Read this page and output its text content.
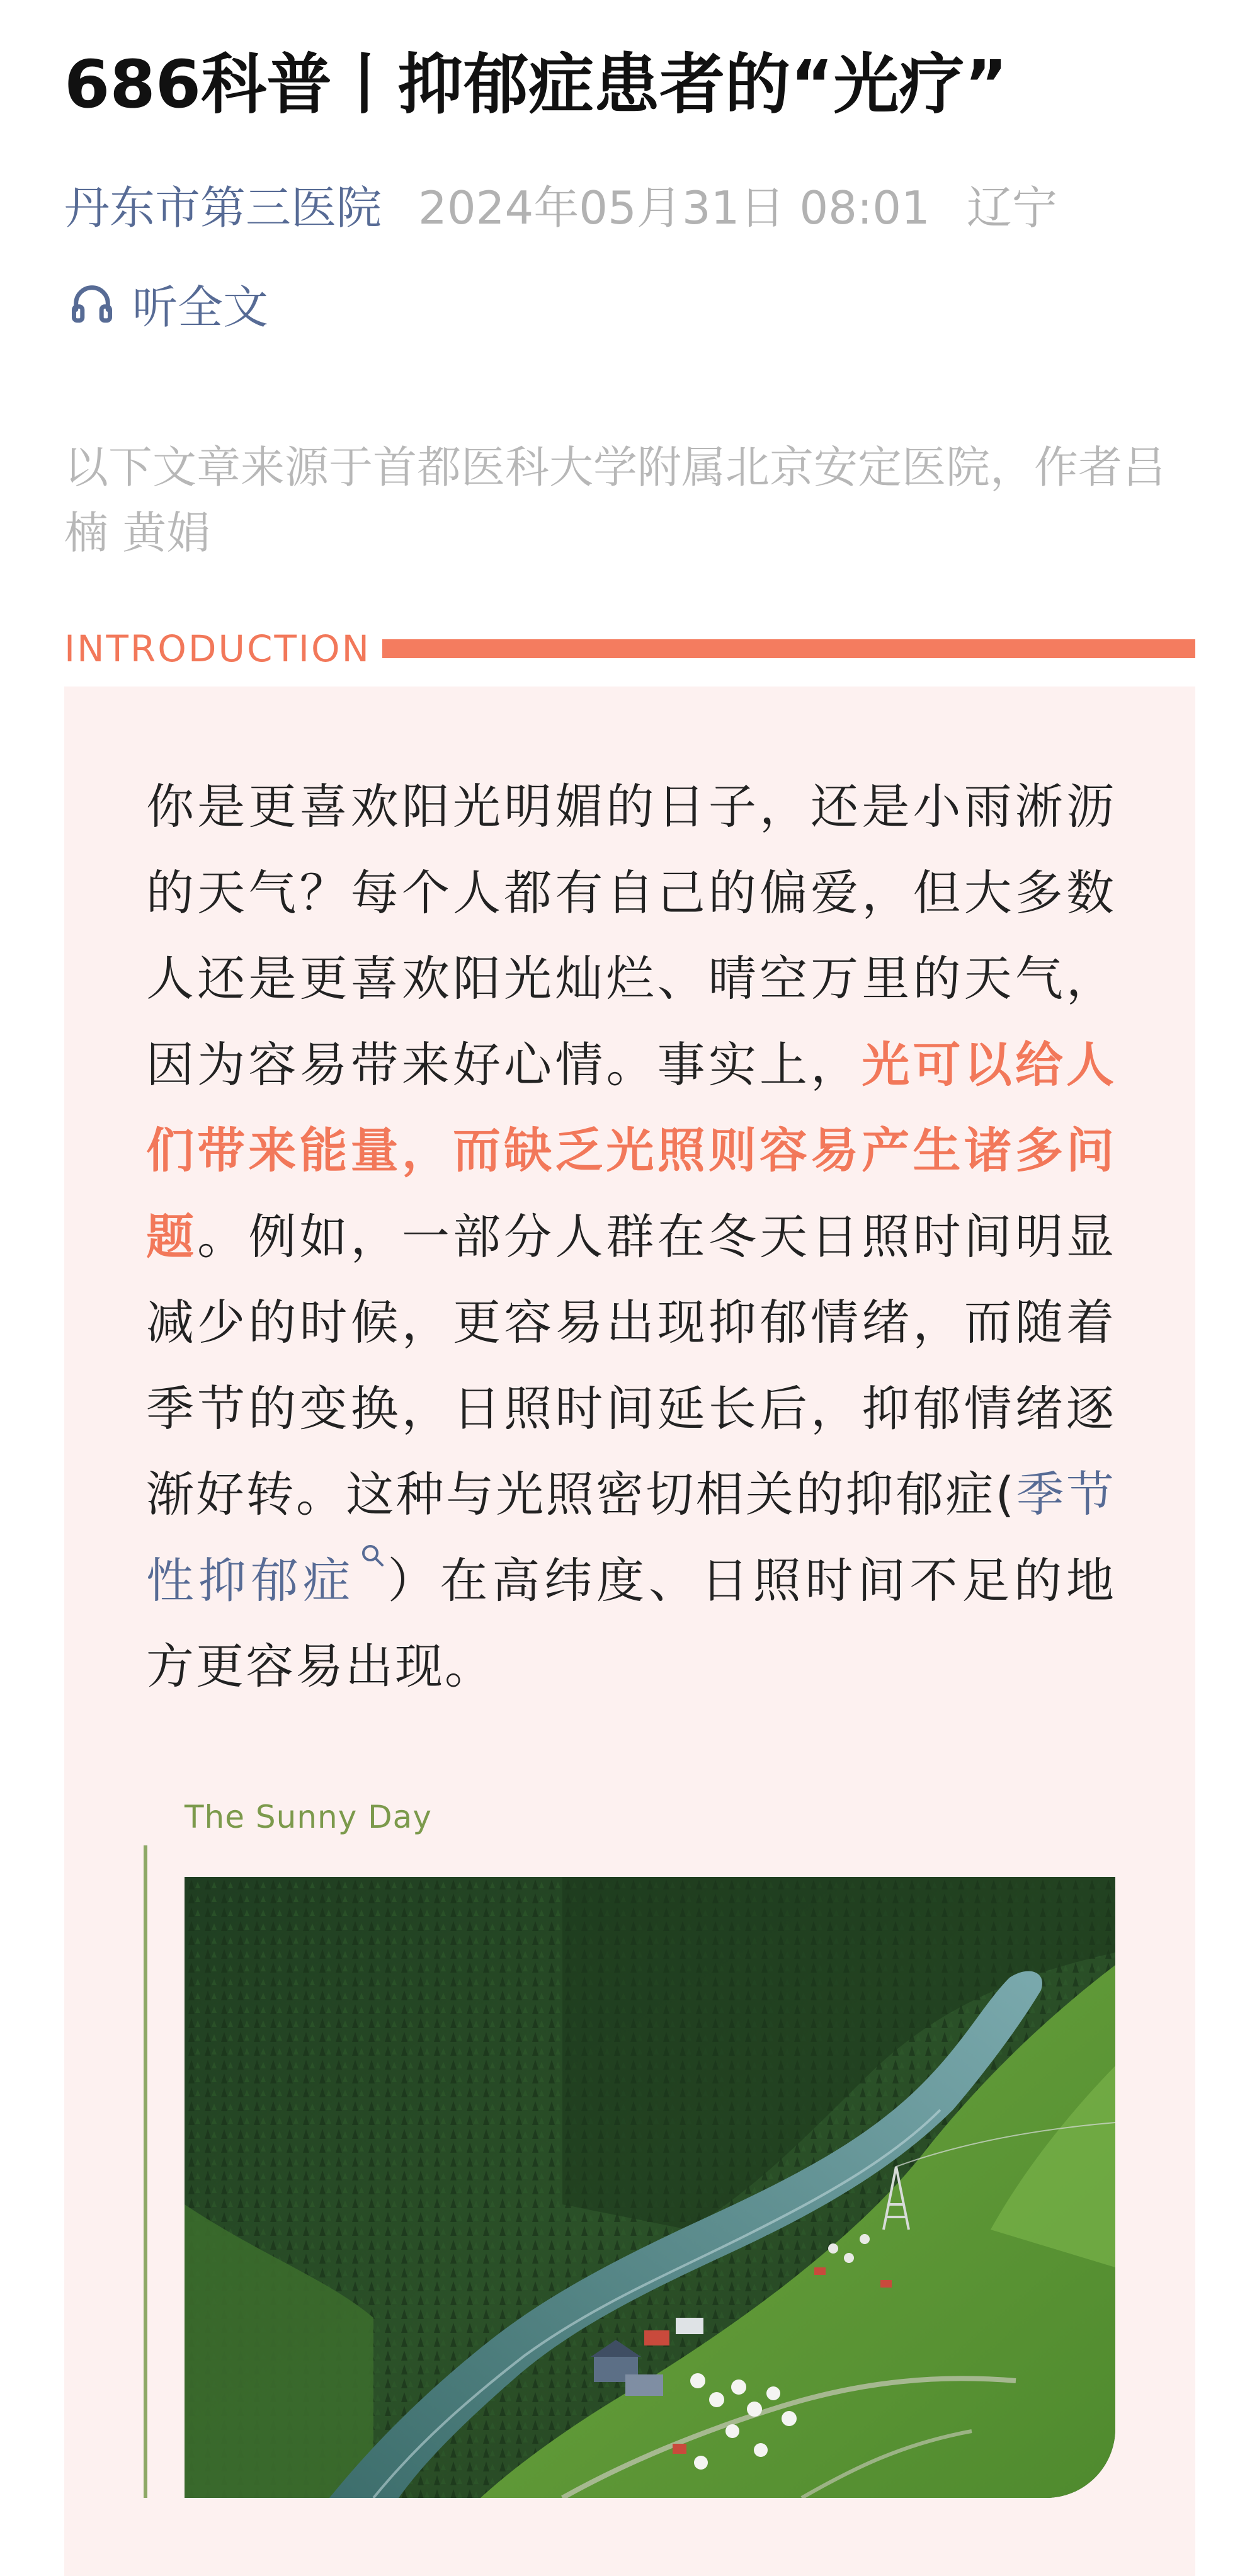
686科普丨抑郁症患者的“光疗”
丹东市第三医院 2024年05月31日 08:01 辽宁
听全文

以下文章来源于首都医科大学附属北京安定医院，作者吕楠 黄娟

INTRODUCTION

你是更喜欢阳光明媚的日子，还是小雨淅沥的天气？每个人都有自己的偏爱，但大多数人还是更喜欢阳光灿烂、晴空万里的天气，因为容易带来好心情。事实上，光可以给人们带来能量，而缺乏光照则容易产生诸多问题。例如，一部分人群在冬天日照时间明显减少的时候，更容易出现抑郁情绪，而随着季节的变换，日照时间延长后，抑郁情绪逐渐好转。这种与光照密切相关的抑郁症(季节性抑郁症 ）在高纬度、日照时间不足的地方更容易出现。

The Sunny Day
